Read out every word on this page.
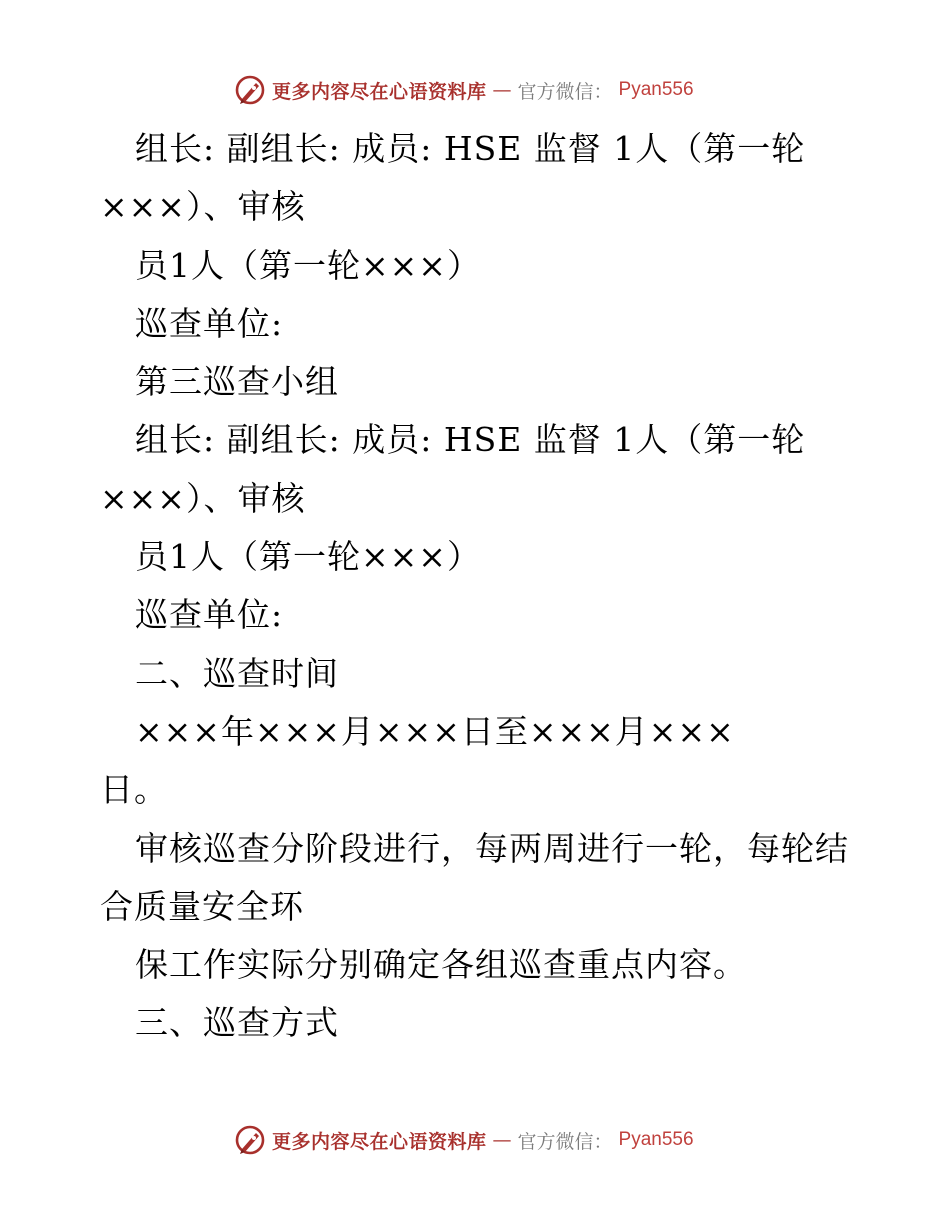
更多内容尽在心语资料库 — 官方微信： Pyan556
组长: 副组长: 成员: HSE 监督 1人（第一轮
×××）、审核
员1人（第一轮×××）
巡查单位:
第三巡查小组
组长: 副组长: 成员: HSE 监督 1人（第一轮
×××）、审核
员1人（第一轮×××）
巡查单位:
二、巡查时间
×××年×××月×××日至×××月×××
日。
审核巡查分阶段进行，每两周进行一轮，每轮结
合质量安全环
保工作实际分别确定各组巡查重点内容。
三、巡查方式
更多内容尽在心语资料库 — 官方微信： Pyan556
